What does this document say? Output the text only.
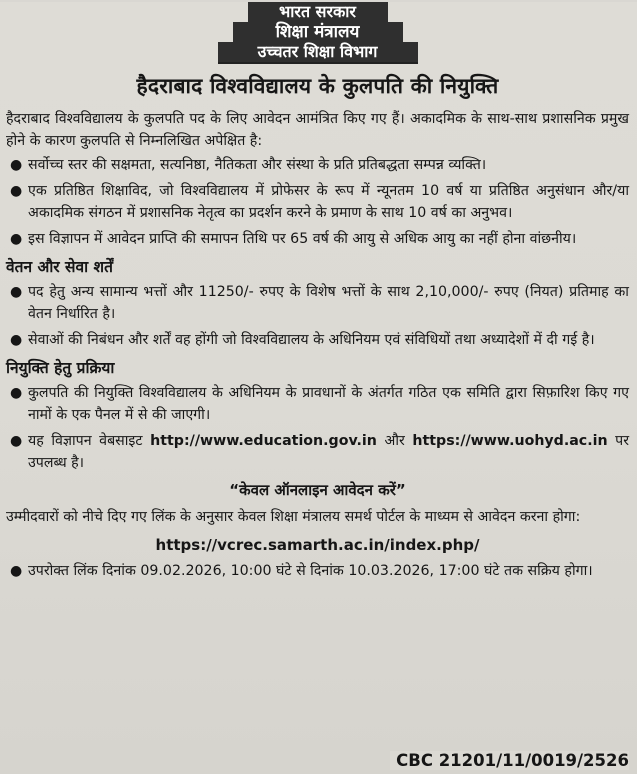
भारत सरकार
शिक्षा मंत्रालय
उच्चतर शिक्षा विभाग
हैदराबाद विश्वविद्यालय के कुलपति की नियुक्ति

हैदराबाद विश्वविद्यालय के कुलपति पद के लिए आवेदन आमंत्रित किए गए हैं। अकादमिक के साथ-साथ प्रशासनिक प्रमुख होने के कारण कुलपति से निम्नलिखित अपेक्षित है:

● सर्वोच्च स्तर की सक्षमता, सत्यनिष्ठा, नैतिकता और संस्था के प्रति प्रतिबद्धता सम्पन्न व्यक्ति।
● एक प्रतिष्ठित शिक्षाविद, जो विश्वविद्यालय में प्रोफेसर के रूप में न्यूनतम 10 वर्ष या प्रतिष्ठित अनुसंधान और/या अकादमिक संगठन में प्रशासनिक नेतृत्व का प्रदर्शन करने के प्रमाण के साथ 10 वर्ष का अनुभव।
● इस विज्ञापन में आवेदन प्राप्ति की समापन तिथि पर 65 वर्ष की आयु से अधिक आयु का नहीं होना वांछनीय।
वेतन और सेवा शर्तें
● पद हेतु अन्य सामान्य भत्तों और 11250/- रुपए के विशेष भत्तों के साथ 2,10,000/- रुपए (नियत) प्रतिमाह का वेतन निर्धारित है।
● सेवाओं की निबंधन और शर्तें वह होंगी जो विश्वविद्यालय के अधिनियम एवं संविधियों तथा अध्यादेशों में दी गई है।
नियुक्ति हेतु प्रक्रिया
● कुलपति की नियुक्ति विश्वविद्यालय के अधिनियम के प्रावधानों के अंतर्गत गठित एक समिति द्वारा सिफ़ारिश किए गए नामों के एक पैनल में से की जाएगी।
● यह विज्ञापन वेबसाइट http://www.education.gov.in और https://www.uohyd.ac.in पर उपलब्ध है।
“केवल ऑनलाइन आवेदन करें”

उम्मीदवारों को नीचे दिए गए लिंक के अनुसार केवल शिक्षा मंत्रालय समर्थ पोर्टल के माध्यम से आवेदन करना होगा:

https://vcrec.samarth.ac.in/index.php/
● उपरोक्त लिंक दिनांक 09.02.2026, 10:00 घंटे से दिनांक 10.03.2026, 17:00 घंटे तक सक्रिय होगा।
CBC 21201/11/0019/2526
